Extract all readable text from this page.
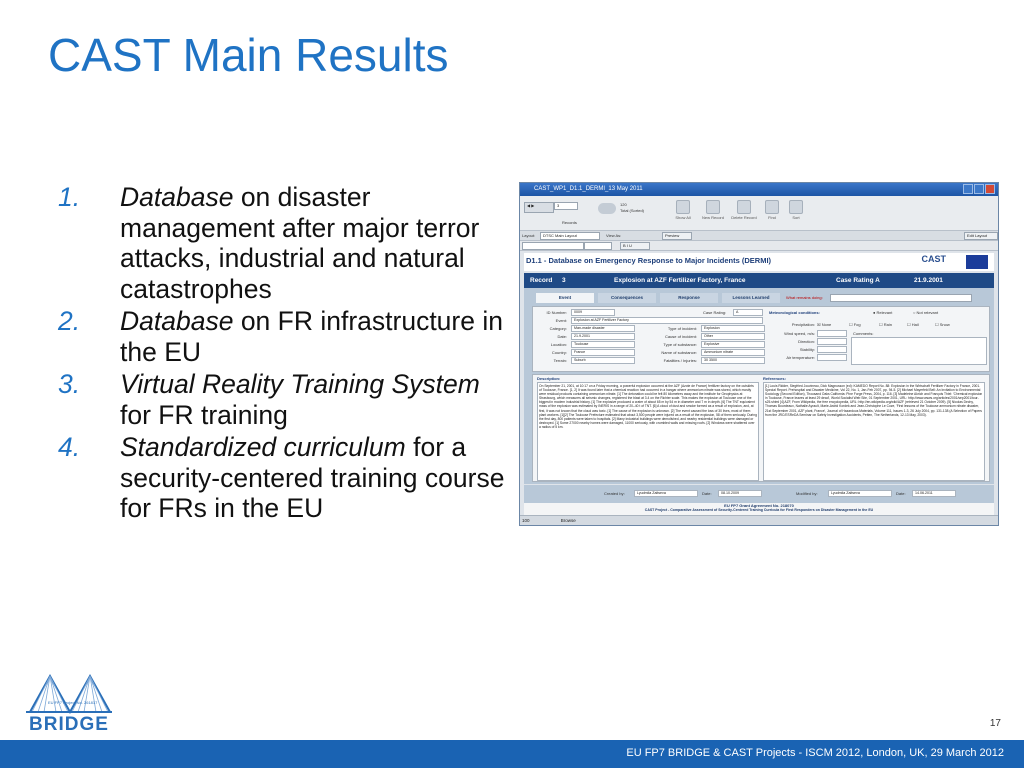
CAST Main Results
1. Database on disaster management after major terror attacks, industrial and natural catastrophes
2. Database on FR infrastructure in the EU
3. Virtual Reality Training System for FR training
4. Standardized curriculum for a security-centered training course for FRs in the EU
CAST_WP1_D1.1_DERMI_13 May 2011
◀ ▶	3
Records
120
Total (Sorted)
Show All	New Record	Delete Record	Find	Sort
Layout:	DTSC Main Layout	View As:	Preview	Edit Layout
B I U
D1.1 - Database on Emergency Response to Major Incidents (DERMI)	CAST
Record 3	Explosion at AZF Fertilizer Factory, France	Case Rating A	21.9.2001
Event	Consequences	Response	Lessons Learned	What remains doing:
ID Number:	0009
Event:	Explosion at AZF Fertilizer Factory
Category:	Man-made disaster
Date:	21.9.2001
Location:	Toulouse
Country:	France
Terrain:	Suburb
Case Rating:	A
Type of incident:	Explosion
Cause of incident:	Other
Type of substance:	Explosive
Name of substance:	Ammonium nitrate
Fatalities / Injuries:	30 3500
Meteorological conditions:	● Relevant	○ Not relevant
Precipitation: ☒ None	☐ Fog	☐ Rain	☐ Hail	☐ Snow
Wind speed, m/s:	Comments:
Direction:
Stability:
Air temperature:
Description:
On September 21, 2001, at 10:17 on a Friday morning, a powerful explosion occurred at the AZF (Azote de France) fertilizer factory on the outskirts of Toulouse, France. [1, 2] It was found later that a chemical reaction had occurred in a hangar where ammonium nitrate was stored, which mostly were residual products containing ammonium nitrate. [1] The detonation could be felt 80 kilometres away and the institute for Geophysics at Strasbourg, which measures all seismic changes, registered the blast at 3.4 on the Richter scale. This makes the explosion at Toulouse one of the biggest in modern industrial history. [1] The explosive produced a crater of about 65 m by 54 m in diameter and 7 m in depth. [6] The TNT equivalent mass of the explosion was estimated by INERIS in a range of 20–40 t of TNT. [6] A cloud of dust and smoke formed as a result of explosion, and, at first, it was not known that the cloud was toxic. [1] The cause of the explosion is unknown. [2] The event caused the loss of 30 lives, most of them plant workers. [1][2] The Toulouse Prefecture estimated that about 3,500 people were injured as a result of the explosion, 58 of them seriously. During the first day, 800 patients were taken to hospitals. [2] Many industrial buildings were demolished, and nearby residential buildings were damaged or destroyed. [1] Some 27000 nearby homes were damaged, 11000 seriously, with crumbled walls and missing roofs. [2] Windows were shattered over a radius of 5 km.
References:
[1] Louis Ridder, Siegfried Jouvineau, Dick Magnusson (ed): KAMEDO Report No. 88: Explosion in the Wirtschaft Fertilizer Factory in France, 2001. Special Report. Prehospital and Disaster Medicine, Vol 22, No. 1, Jan-Feb 2007, pp. 94-5. [2] Michael Mayerfeld Bell: An Invitation to Environmental Sociology (Second Edition), Thousand Oaks California: Pine Forge Press, 2004, p. 116. [3] Madeleine Akrich and François Thiel: 'Chemical explosion in Toulouse, France leaves at least 29 dead', World Socialist Web Site, 01 September 2001, URL: http://www.wsws.org/articles/2001/sep2001/tour-s25.shtml [4] AZF, From Wikipedia, the free encyclopedia, URL: http://en.wikipedia.org/wiki/AZF (retrieved 21 October 2009). [5] Nicolas Dechy, Thomas Bourdeaux, Nathalie Ayrault, Marie-Astrid Kordek and Jean-Christophe Le Coze, 'First lessons of the Toulouse ammonium nitrate disaster, 21st September 2001, AZF plant, France', Journal of Hazardous Materials, Volume 111, Issues 1-3, 26 July 2004, pp. 131-138 (A Selection of Papers from the JRC/ESReDA Seminar on Safety Investigation Accidents, Petten, The Netherlands, 12-13 May, 2003).
Created by:	Lyudmila Zaitseva	Date:	08.10.2009	Modified by:	Lyudmila Zaitseva	Date:	14.06.2011
EU FP7 Grant Agreement No. 218070
CAST Project - Comparative Assessment of Security-Centered Training Curricula for First Responders on Disaster Management in the EU
100	Browse
EU FP7 Project No. 261817
BRIDGE	17
EU FP7 BRIDGE & CAST Projects - ISCM 2012, London, UK, 29 March 2012
